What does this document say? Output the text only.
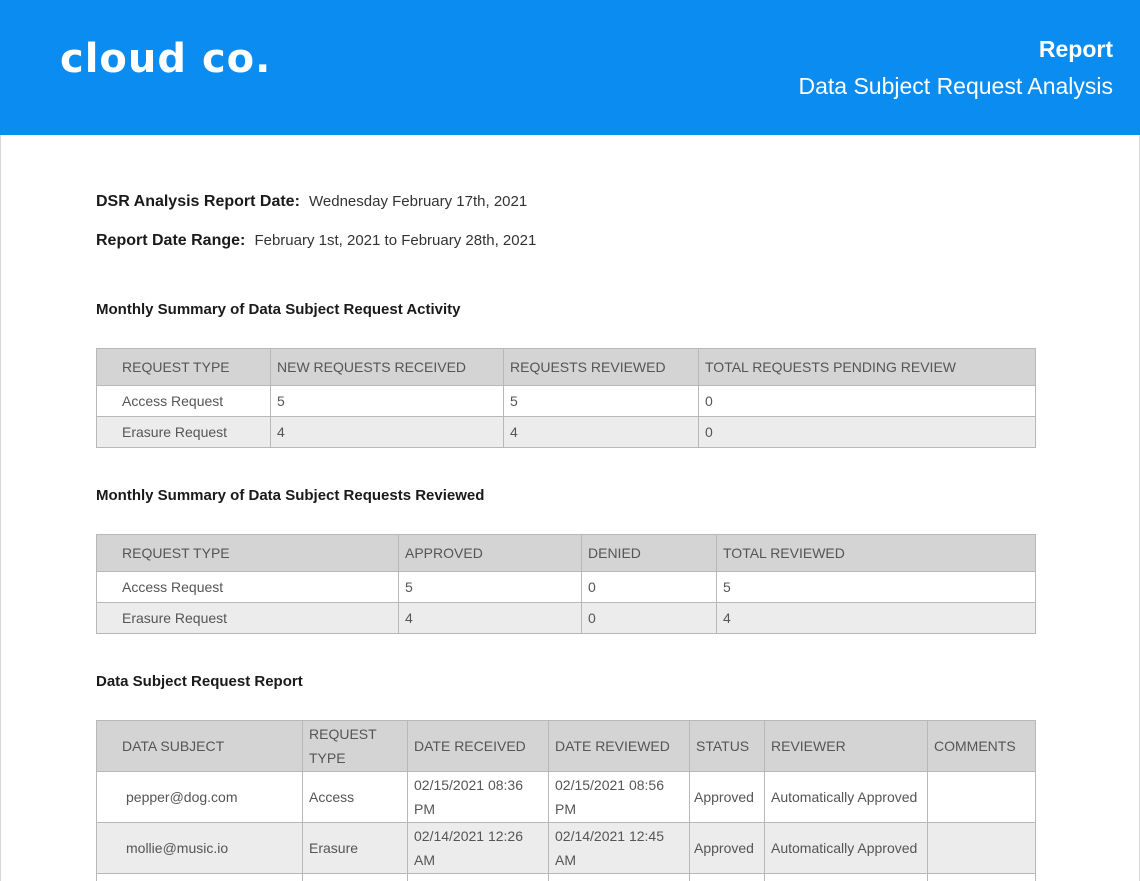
cloud co.	Report
Data Subject Request Analysis
DSR Analysis Report Date: Wednesday February 17th, 2021
Report Date Range: February 1st, 2021 to February 28th, 2021
Monthly Summary of Data Subject Request Activity
REQUEST TYPE	NEW REQUESTS RECEIVED	REQUESTS REVIEWED	TOTAL REQUESTS PENDING REVIEW
Access Request	5	5	0
Erasure Request	4	4	0
Monthly Summary of Data Subject Requests Reviewed
REQUEST TYPE	APPROVED	DENIED	TOTAL REVIEWED
Access Request	5	0	5
Erasure Request	4	0	4
Data Subject Request Report
DATA SUBJECT	REQUEST TYPE	DATE RECEIVED	DATE REVIEWED	STATUS	REVIEWER	COMMENTS
pepper@dog.com	Access	02/15/2021 08:36 PM	02/15/2021 08:56 PM	Approved	Automatically Approved	
mollie@music.io	Erasure	02/14/2021 12:26 AM	02/14/2021 12:45 AM	Approved	Automatically Approved	
